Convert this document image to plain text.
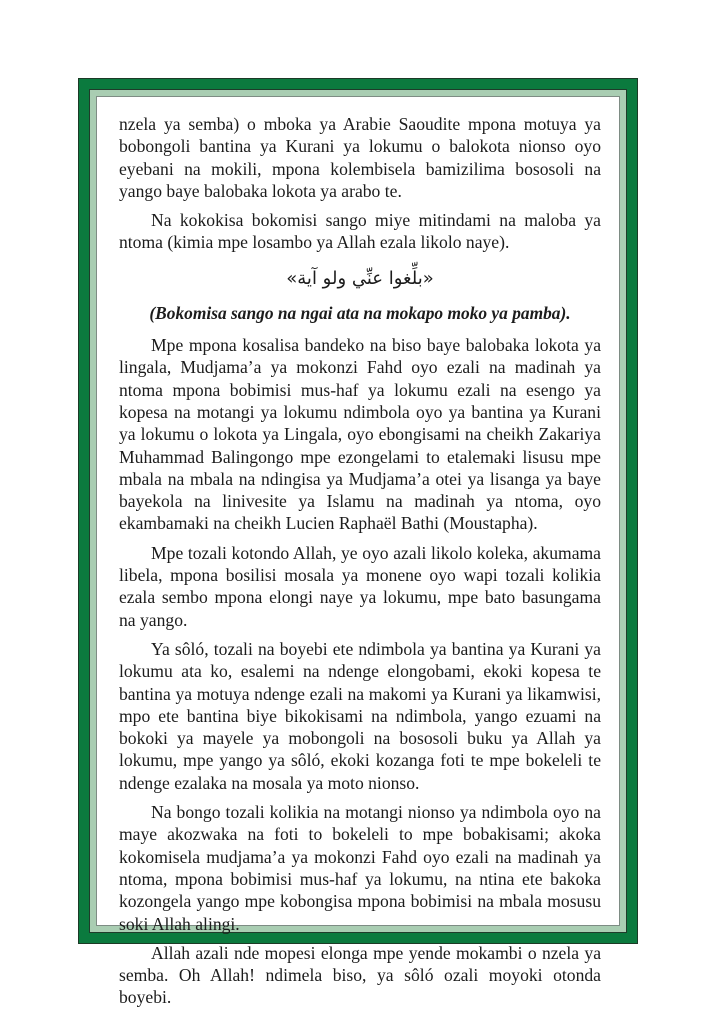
nzela ya semba) o mboka ya Arabie Saoudite mpona motuya ya bobongoli bantina ya Kurani ya lokumu o balokota nionso oyo eyebani na mokili, mpona kolembisela bamizilima bososoli na yango baye balobaka lokota ya arabo te.

Na kokokisa bokomisi sango miye mitindami na maloba ya ntoma (kimia mpe losambo ya Allah ezala likolo naye).

«بلِّغوا عنِّي ولو آية»
(Bokomisa sango na ngai ata na mokapo moko ya pamba).

Mpe mpona kosalisa bandeko na biso baye balobaka lokota ya lingala, Mudjama’a ya mokonzi Fahd oyo ezali na madinah ya ntoma mpona bobimisi mus-haf ya lokumu ezali na esengo ya kopesa na motangi ya lokumu ndimbola oyo ya bantina ya Kurani ya lokumu o lokota ya Lingala, oyo ebongisami na cheikh Zakariya Muhammad Balingongo mpe ezongelami to etalemaki lisusu mpe mbala na mbala na ndingisa ya Mudjama’a otei ya lisanga ya baye bayekola na linivesite ya Islamu na madinah ya ntoma, oyo ekambamaki na cheikh Lucien Raphaël Bathi (Moustapha).

Mpe tozali kotondo Allah, ye oyo azali likolo koleka, akumama libela, mpona bosilisi mosala ya monene oyo wapi tozali kolikia ezala sembo mpona elongi naye ya lokumu, mpe bato basungama na yango.

Ya sôló, tozali na boyebi ete ndimbola ya bantina ya Kurani ya lokumu ata ko, esalemi na ndenge elongobami, ekoki kopesa te bantina ya motuya ndenge ezali na makomi ya Kurani ya likamwisi, mpo ete bantina biye bikokisami na ndimbola, yango ezuami na bokoki ya mayele ya mobongoli na bososoli buku ya Allah ya lokumu, mpe yango ya sôló, ekoki kozanga foti te mpe bokeleli te ndenge ezalaka na mosala ya moto nionso.

Na bongo tozali kolikia na motangi nionso ya ndimbola oyo na maye akozwaka na foti to bokeleli to mpe bobakisami; akoka kokomisela mudjama’a ya mokonzi Fahd oyo ezali na madinah ya ntoma, mpona bobimisi mus-haf ya lokumu, na ntina ete bakoka kozongela yango mpe kobongisa mpona bobimisi na mbala mosusu soki Allah alingi.

Allah azali nde mopesi elonga mpe yende mokambi o nzela ya semba. Oh Allah! ndimela biso, ya sôló ozali moyoki otonda boyebi.
